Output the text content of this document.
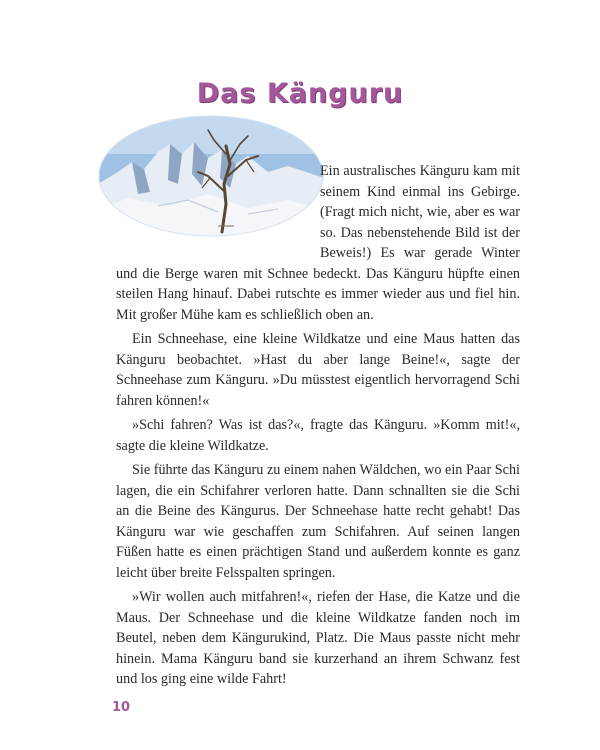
Das Känguru

Ein australisches Känguru kam mit seinem Kind einmal ins Gebirge. (Fragt mich nicht, wie, aber es war so. Das nebenstehende Bild ist der Beweis!) Es war gerade Winter und die Berge waren mit Schnee bedeckt. Das Känguru hüpfte einen steilen Hang hinauf. Dabei rutschte es immer wieder aus und fiel hin. Mit großer Mühe kam es schließlich oben an.

Ein Schneehase, eine kleine Wildkatze und eine Maus hatten das Känguru beobachtet. »Hast du aber lange Beine!«, sagte der Schneehase zum Känguru. »Du müsstest eigentlich hervorragend Schi fahren können!«

»Schi fahren? Was ist das?«, fragte das Känguru. »Komm mit!«, sagte die kleine Wildkatze.

Sie führte das Känguru zu einem nahen Wäldchen, wo ein Paar Schi lagen, die ein Schifahrer verloren hatte. Dann schnallten sie die Schi an die Beine des Kängurus. Der Schneehase hatte recht gehabt! Das Känguru war wie geschaffen zum Schifahren. Auf seinen langen Füßen hatte es einen prächtigen Stand und außerdem konnte es ganz leicht über breite Felsspalten springen.

»Wir wollen auch mitfahren!«, riefen der Hase, die Katze und die Maus. Der Schneehase und die kleine Wildkatze fanden noch im Beutel, neben dem Kängurukind, Platz. Die Maus passte nicht mehr hinein. Mama Känguru band sie kurzerhand an ihrem Schwanz fest und los ging eine wilde Fahrt!

10
